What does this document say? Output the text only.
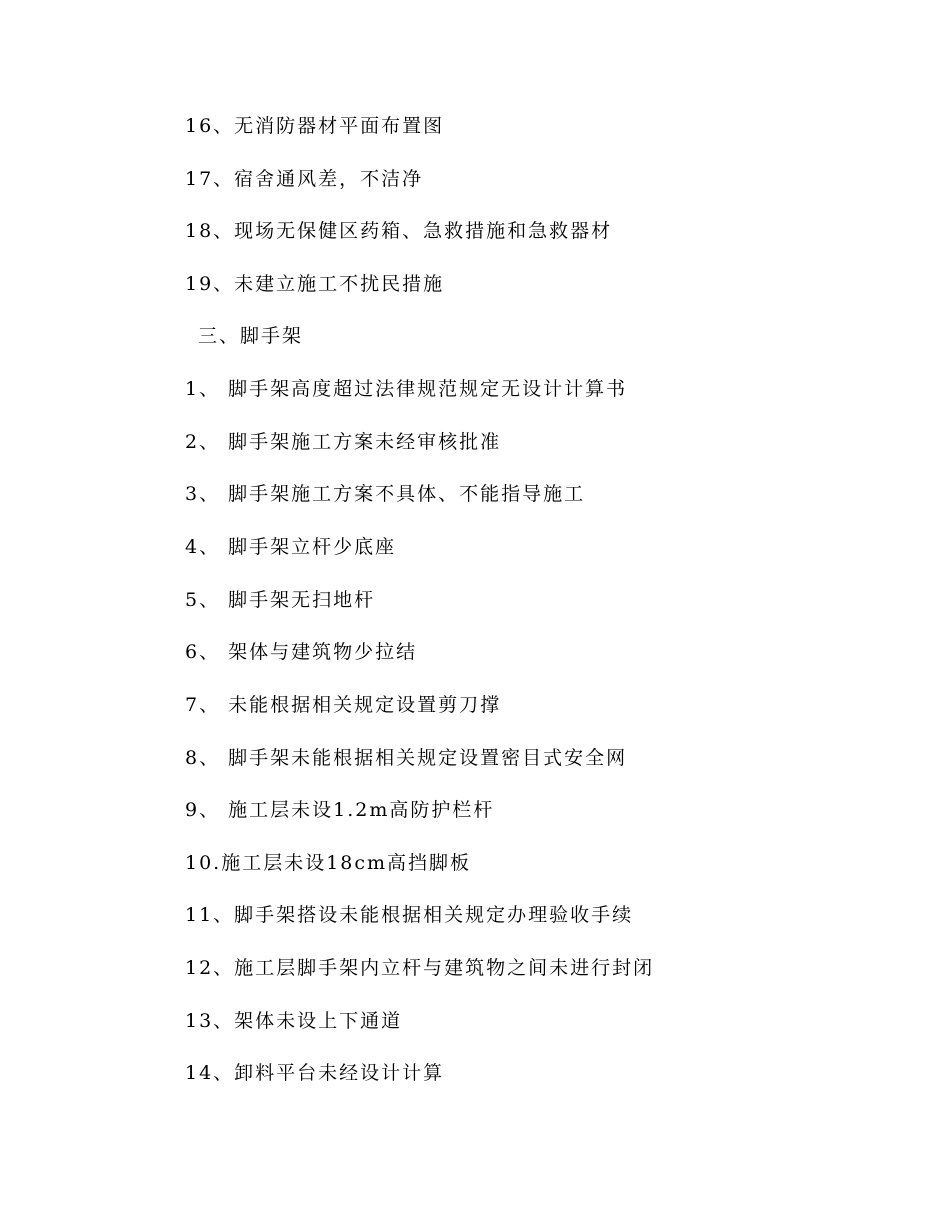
16、无消防器材平面布置图
17、宿舍通风差，不洁净
18、现场无保健区药箱、急救措施和急救器材
19、未建立施工不扰民措施
三、脚手架
1、 脚手架高度超过法律规范规定无设计计算书
2、 脚手架施工方案未经审核批准
3、 脚手架施工方案不具体、不能指导施工
4、 脚手架立杆少底座
5、 脚手架无扫地杆
6、 架体与建筑物少拉结
7、 未能根据相关规定设置剪刀撑
8、 脚手架未能根据相关规定设置密目式安全网
9、 施工层未设1.2m高防护栏杆
10.施工层未设18cm高挡脚板
11、脚手架搭设未能根据相关规定办理验收手续
12、施工层脚手架内立杆与建筑物之间未进行封闭
13、架体未设上下通道
14、卸料平台未经设计计算
